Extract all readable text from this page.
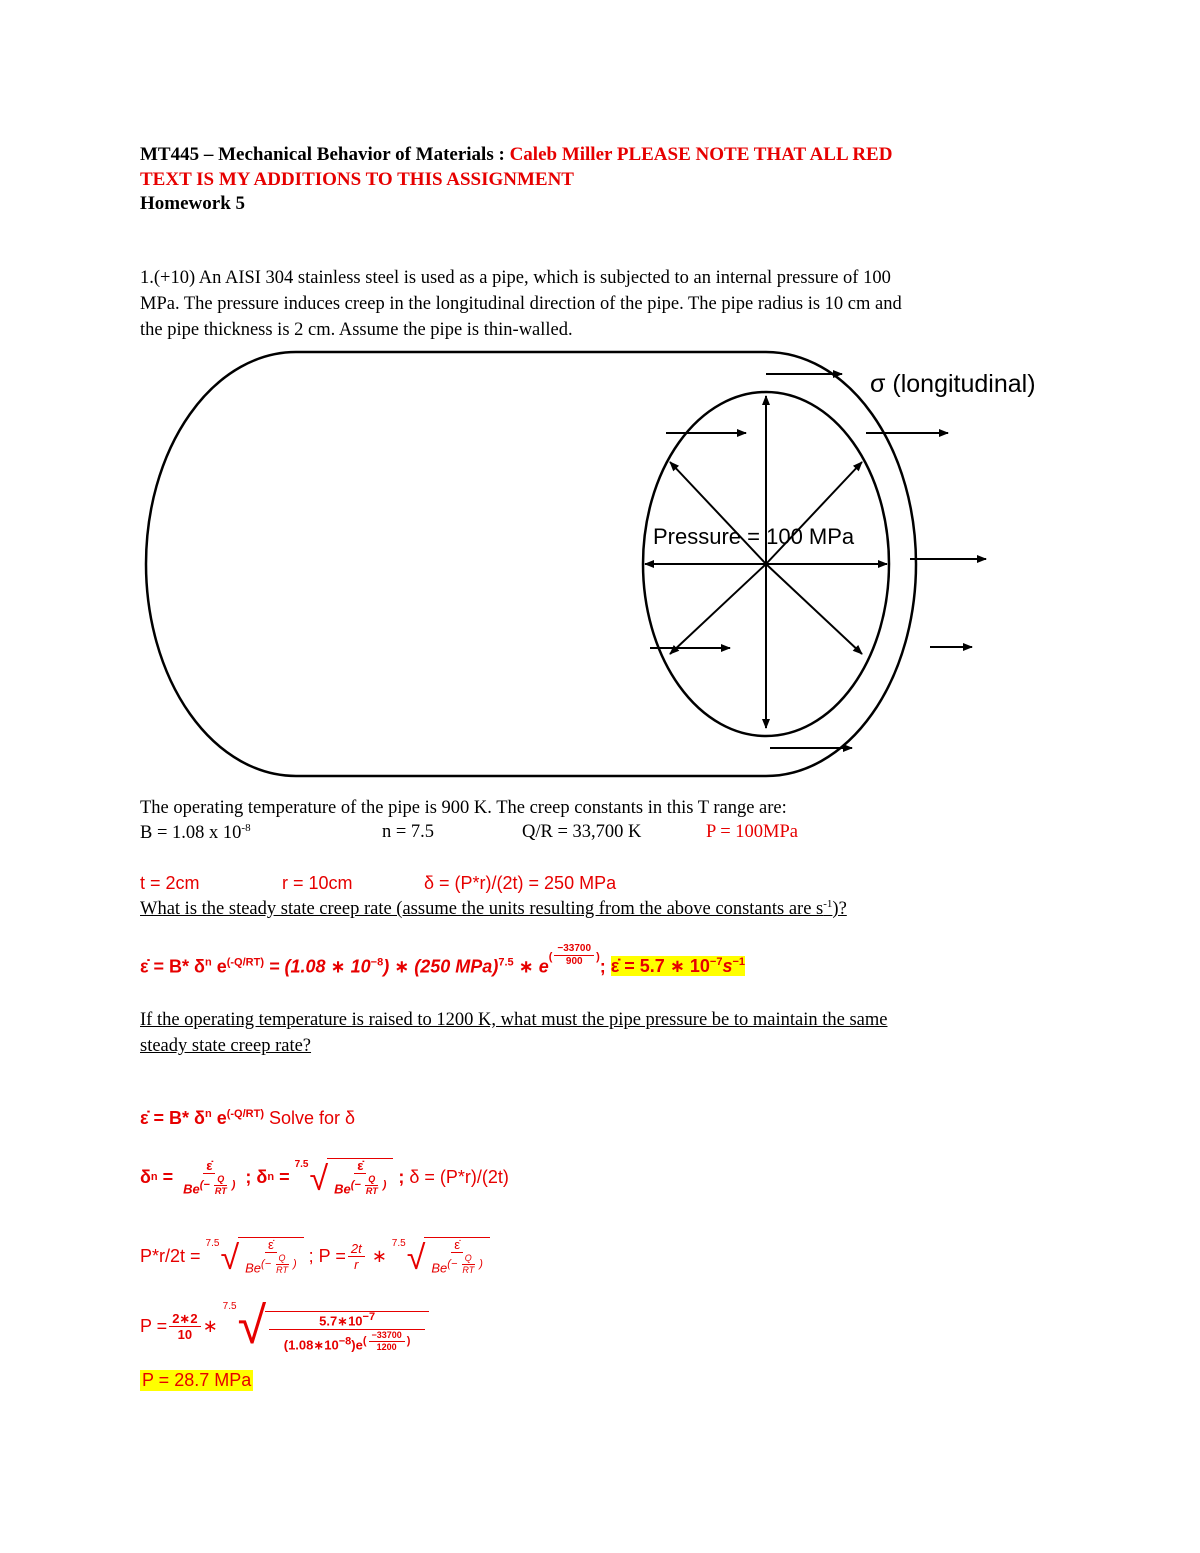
MT445 – Mechanical Behavior of Materials : Caleb Miller PLEASE NOTE THAT ALL RED
TEXT IS MY ADDITIONS TO THIS ASSIGNMENT
Homework 5
1.(+10) An AISI 304 stainless steel is used as a pipe, which is subjected to an internal pressure of 100
MPa. The pressure induces creep in the longitudinal direction of the pipe. The pipe radius is 10 cm and
the pipe thickness is 2 cm. Assume the pipe is thin-walled.
σ (longitudinal)
Pressure = 100 MPa
The operating temperature of the pipe is 900 K. The creep constants in this T range are:
B = 1.08 x $10^{-8}$	n = 7.5	Q/R = 33,700 K	P = 100MPa
t = 2cm	r = 10cm	δ = (P*r)/(2t) = 250 MPa
What is the steady state creep rate (assume the units resulting from the above constants are $s^{-1}$)?
ε̇ = B* $\delta^n$ $e^{(-Q/RT)} = (1.08$ ∗ $10^{-8}$) ∗ (250 MPa)$^{7.5}$ ∗ $e^( \frac{-33700}{900} ^)$; ε̇ = 5.7 ∗ $10^{-7}s^{-1}$
If the operating temperature is raised to 1200 K, what must the pipe pressure be to maintain the same
steady state creep rate?
ε̇ = B* $\delta^n$ $e^{(-Q/RT)}$ Solve for δ
δ n = ε̇
$Be^{(- \frac{Q}{RT} )}$ ; δ n =
7.5 √ ε̇
$Be^{(- \frac{Q}{RT} )}$ ; δ = (P*r)/(2t)
P*r/2t =

7.5 √ ε̇
$Be^{(- \frac{Q}{RT} )}$ ; $P = \frac{2t}{r}$ ∗
7.5 √ ε̇
$Be^{(- \frac{Q}{RT} )}$
$P = \frac{2∗2}{10}$ ∗
7.5 √ $5.7∗10^{-7}$
$(1.08∗10^{-8})e^{( \frac{-33700}{1200} )}$
P = 28.7 MPa
